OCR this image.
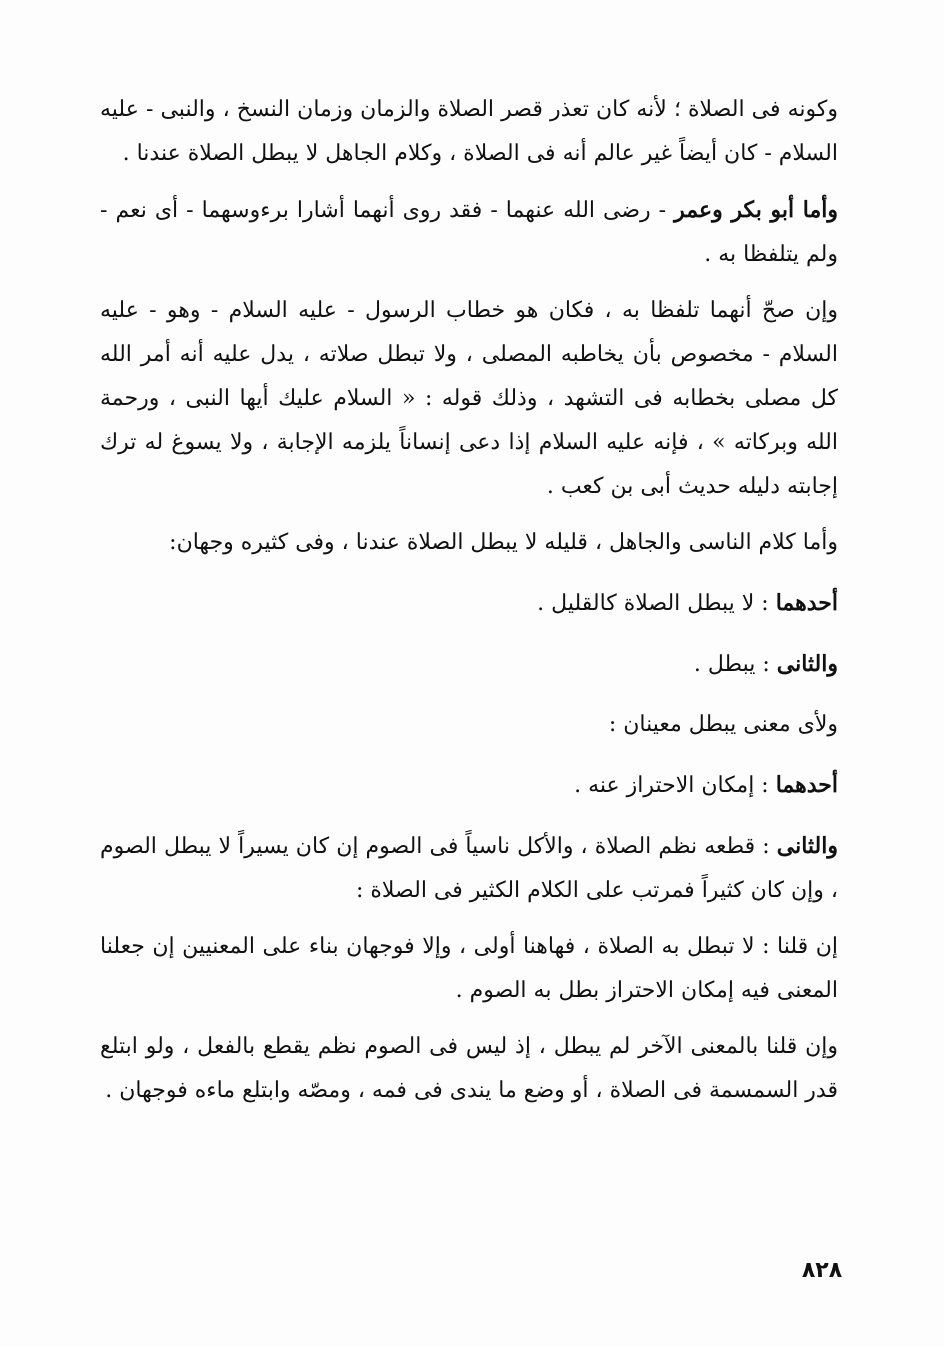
وكونه فى الصلاة ؛ لأنه كان تعذر قصر الصلاة والزمان وزمان النسخ ، والنبى - عليه السلام - كان أيضاً غير عالم أنه فى الصلاة ، وكلام الجاهل لا يبطل الصلاة عندنا .

وأما أبو بكر وعمر - رضى الله عنهما - فقد روى أنهما أشارا برءوسهما - أى نعم - ولم يتلفظا به .

وإن صحّ أنهما تلفظا به ، فكان هو خطاب الرسول - عليه السلام - وهو - عليه السلام - مخصوص بأن يخاطبه المصلى ، ولا تبطل صلاته ، يدل عليه أنه أمر الله كل مصلى بخطابه فى التشهد ، وذلك قوله : « السلام عليك أيها النبى ، ورحمة الله وبركاته » ، فإنه عليه السلام إذا دعى إنساناً يلزمه الإجابة ، ولا يسوغ له ترك إجابته دليله حديث أبى بن كعب .

وأما كلام الناسى والجاهل ، قليله لا يبطل الصلاة عندنا ، وفى كثيره وجهان:

أحدهما : لا يبطل الصلاة كالقليل .

والثانى : يبطل .

ولأى معنى يبطل معينان :

أحدهما : إمكان الاحتراز عنه .

والثانى : قطعه نظم الصلاة ، والأكل ناسياً فى الصوم إن كان يسيراً لا يبطل الصوم ، وإن كان كثيراً فمرتب على الكلام الكثير فى الصلاة :

إن قلنا : لا تبطل به الصلاة ، فهاهنا أولى ، وإلا فوجهان بناء على المعنيين إن جعلنا المعنى فيه إمكان الاحتراز بطل به الصوم .

وإن قلنا بالمعنى الآخر لم يبطل ، إذ ليس فى الصوم نظم يقطع بالفعل ، ولو ابتلع قدر السمسمة فى الصلاة ، أو وضع ما يندى فى فمه ، ومصّه وابتلع ماءه فوجهان .

٨٢٨
